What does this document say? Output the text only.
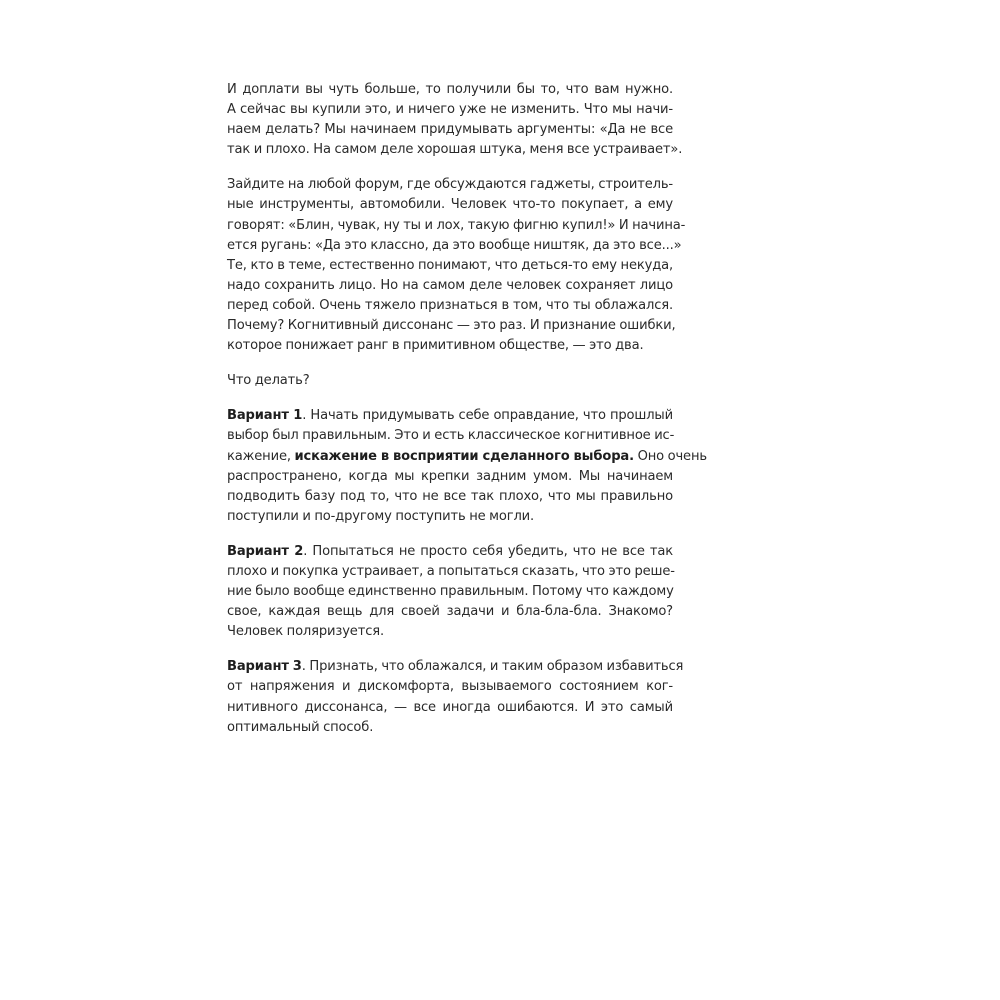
И доплати вы чуть больше, то получили бы то, что вам нужно.
А сейчас вы купили это, и ничего уже не изменить. Что мы начи-
наем делать? Мы начинаем придумывать аргументы: «Да не все
так и плохо. На самом деле хорошая штука, меня все устраивает».

Зайдите на любой форум, где обсуждаются гаджеты, строитель-
ные инструменты, автомобили. Человек что-то покупает, а ему
говорят: «Блин, чувак, ну ты и лох, такую фигню купил!» И начина-
ется ругань: «Да это классно, да это вообще ништяк, да это все...»
Те, кто в теме, естественно понимают, что деться-то ему некуда,
надо сохранить лицо. Но на самом деле человек сохраняет лицо
перед собой. Очень тяжело признаться в том, что ты облажался.
Почему? Когнитивный диссонанс — это раз. И признание ошибки,
которое понижает ранг в примитивном обществе, — это два.

Что делать?

Вариант 1. Начать придумывать себе оправдание, что прошлый
выбор был правильным. Это и есть классическое когнитивное ис-
кажение, искажение в восприятии сделанного выбора. Оно очень
распространено, когда мы крепки задним умом. Мы начинаем
подводить базу под то, что не все так плохо, что мы правильно
поступили и по-другому поступить не могли.

Вариант 2. Попытаться не просто себя убедить, что не все так
плохо и покупка устраивает, а попытаться сказать, что это реше-
ние было вообще единственно правильным. Потому что каждому
свое, каждая вещь для своей задачи и бла-бла-бла. Знакомо?
Человек поляризуется.

Вариант 3. Признать, что облажался, и таким образом избавиться
от напряжения и дискомфорта, вызываемого состоянием ког-
нитивного диссонанса, — все иногда ошибаются. И это самый
оптимальный способ.
